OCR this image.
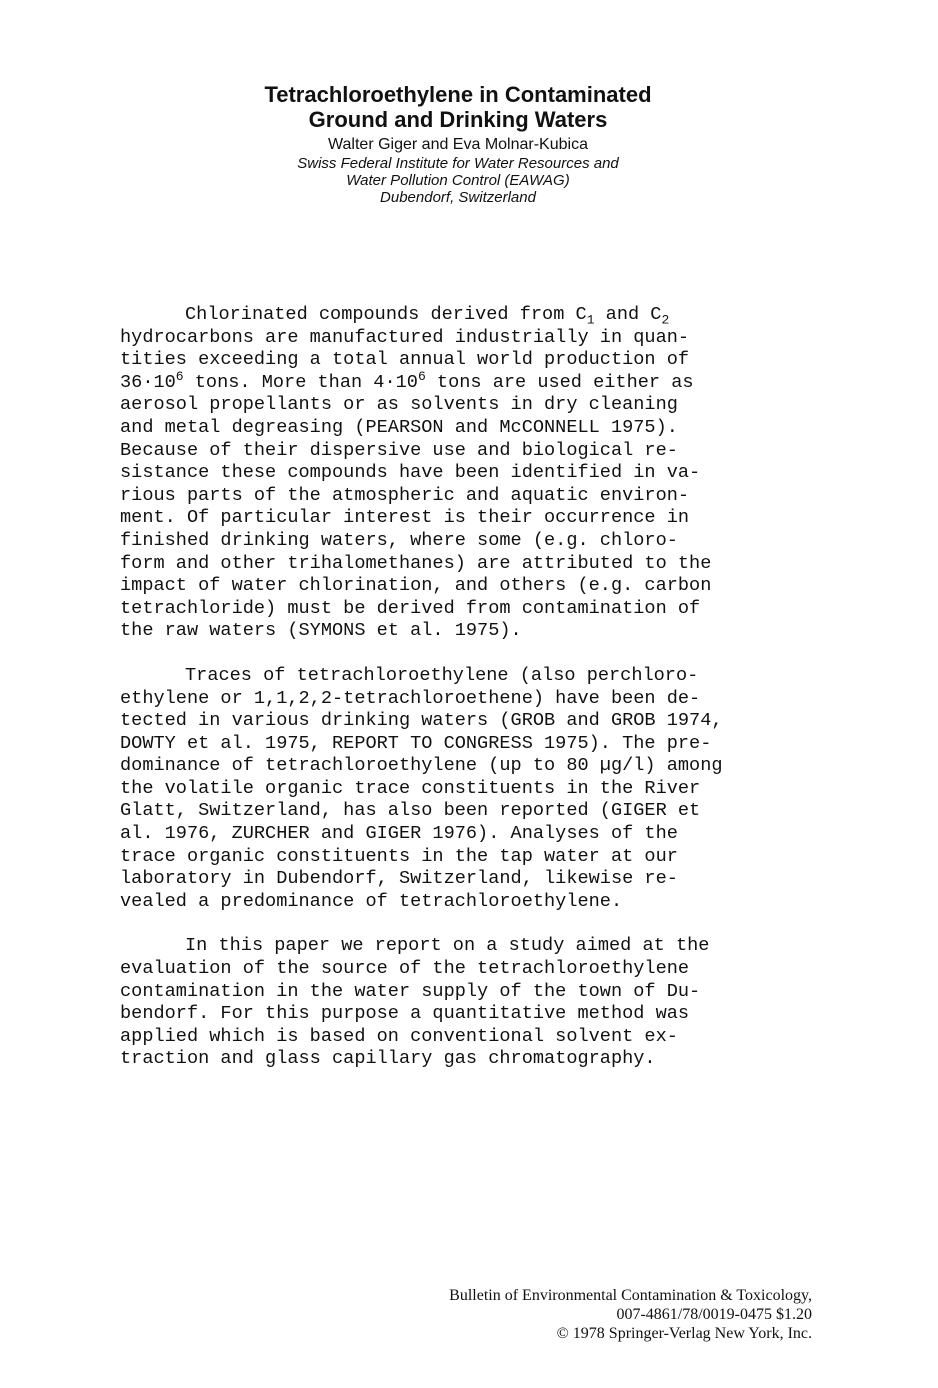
Tetrachloroethylene in Contaminated
Ground and Drinking Waters
Walter Giger and Eva Molnar-Kubica
Swiss Federal Institute for Water Resources and
Water Pollution Control (EAWAG)
Dubendorf, Switzerland
Chlorinated compounds derived from $C_1$ and $C_2$
hydrocarbons are manufactured industrially in quan-
tities exceeding a total annual world production of
$36\cdot 10^6$ tons. More than $4\cdot 10^6$ tons are used either as
aerosol propellants or as solvents in dry cleaning
and metal degreasing (PEARSON and McCONNELL 1975).
Because of their dispersive use and biological re-
sistance these compounds have been identified in va-
rious parts of the atmospheric and aquatic environ-
ment. Of particular interest is their occurrence in
finished drinking waters, where some (e.g. chloro-
form and other trihalomethanes) are attributed to the
impact of water chlorination, and others (e.g. carbon
tetrachloride) must be derived from contamination of
the raw waters (SYMONS et al. 1975).
Traces of tetrachloroethylene (also perchloro-
ethylene or 1,1,2,2-tetrachloroethene) have been de-
tected in various drinking waters (GROB and GROB 1974,
DOWTY et al. 1975, REPORT TO CONGRESS 1975). The pre-
dominance of tetrachloroethylene (up to 80 µg/l) among
the volatile organic trace constituents in the River
Glatt, Switzerland, has also been reported (GIGER et
al. 1976, ZURCHER and GIGER 1976). Analyses of the
trace organic constituents in the tap water at our
laboratory in Dubendorf, Switzerland, likewise re-
vealed a predominance of tetrachloroethylene.
In this paper we report on a study aimed at the
evaluation of the source of the tetrachloroethylene
contamination in the water supply of the town of Du-
bendorf. For this purpose a quantitative method was
applied which is based on conventional solvent ex-
traction and glass capillary gas chromatography.
Bulletin of Environmental Contamination & Toxicology,
007-4861/78/0019-0475 $1.20
© 1978 Springer-Verlag New York, Inc.
